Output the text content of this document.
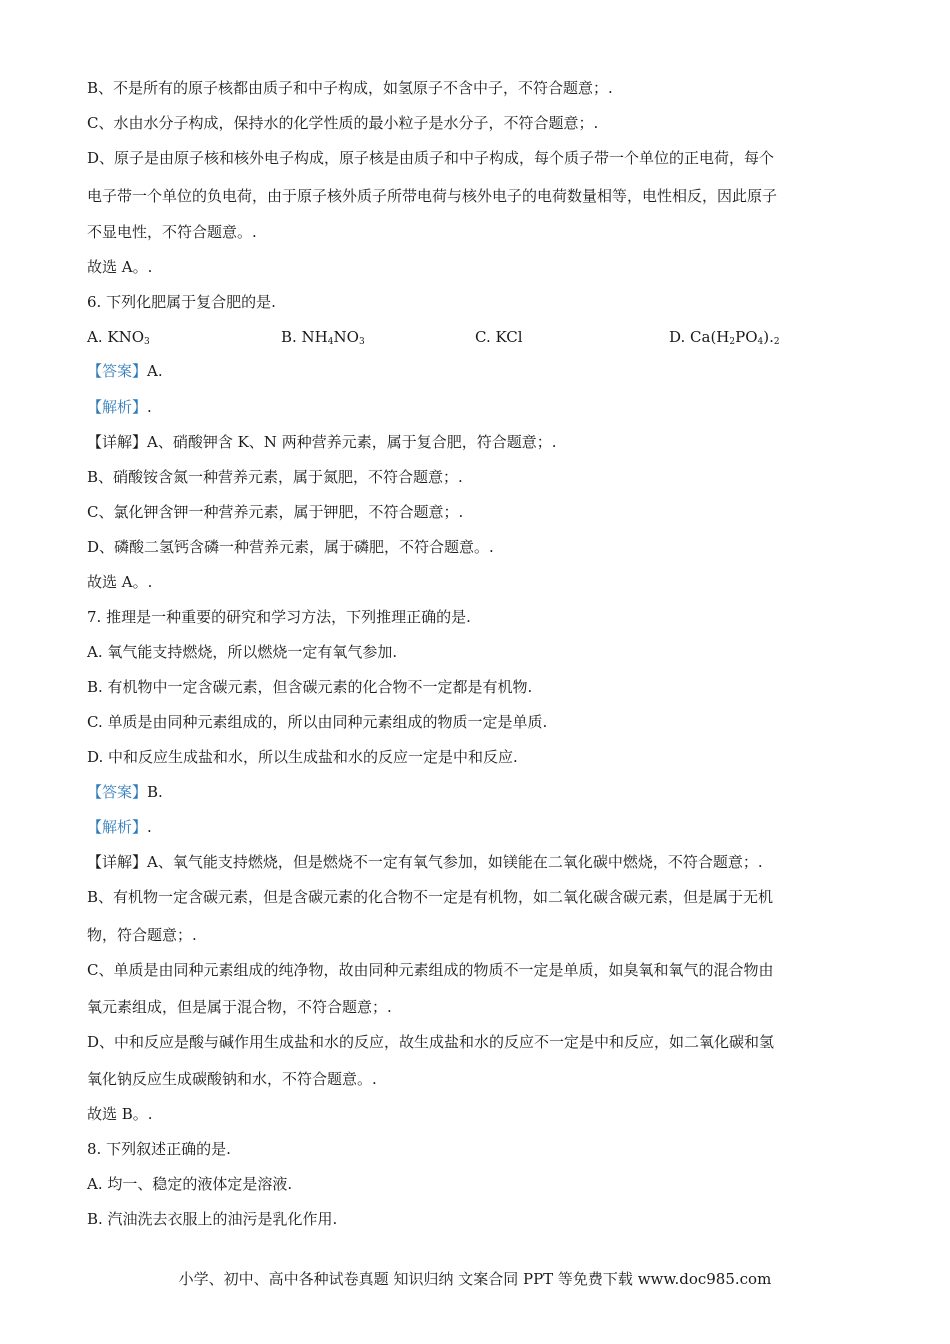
B、不是所有的原子核都由质子和中子构成，如氢原子不含中子，不符合题意；.
C、水由水分子构成，保持水的化学性质的最小粒子是水分子，不符合题意；.
D、原子是由原子核和核外电子构成，原子核是由质子和中子构成，每个质子带一个单位的正电荷，每个
电子带一个单位的负电荷，由于原子核外质子所带电荷与核外电子的电荷数量相等，电性相反，因此原子
不显电性，不符合题意。.
故选 A。.
6. 下列化肥属于复合肥的是.
A. $KNO_3$	B. $NH_4NO_3$	C. KCl	D. $Ca(H_2PO_4)._2$
【答案】A.
【解析】.
【详解】A、硝酸钾含 K、N 两种营养元素，属于复合肥，符合题意；.
B、硝酸铵含氮一种营养元素，属于氮肥，不符合题意；.
C、氯化钾含钾一种营养元素，属于钾肥，不符合题意；.
D、磷酸二氢钙含磷一种营养元素，属于磷肥，不符合题意。.
故选 A。.
7. 推理是一种重要的研究和学习方法，下列推理正确的是.
A. 氧气能支持燃烧，所以燃烧一定有氧气参加.
B. 有机物中一定含碳元素，但含碳元素的化合物不一定都是有机物.
C. 单质是由同种元素组成的，所以由同种元素组成的物质一定是单质.
D. 中和反应生成盐和水，所以生成盐和水的反应一定是中和反应.
【答案】B.
【解析】.
【详解】A、氧气能支持燃烧，但是燃烧不一定有氧气参加，如镁能在二氧化碳中燃烧，不符合题意；.
B、有机物一定含碳元素，但是含碳元素的化合物不一定是有机物，如二氧化碳含碳元素，但是属于无机
物，符合题意；.
C、单质是由同种元素组成的纯净物，故由同种元素组成的物质不一定是单质，如臭氧和氧气的混合物由
氧元素组成，但是属于混合物，不符合题意；.
D、中和反应是酸与碱作用生成盐和水的反应，故生成盐和水的反应不一定是中和反应，如二氧化碳和氢
氧化钠反应生成碳酸钠和水，不符合题意。.
故选 B。.
8. 下列叙述正确的是.
A. 均一、稳定的液体定是溶液.
B. 汽油洗去衣服上的油污是乳化作用.
小学、初中、高中各种试卷真题 知识归纳 文案合同 PPT 等免费下载 www.doc985.com
